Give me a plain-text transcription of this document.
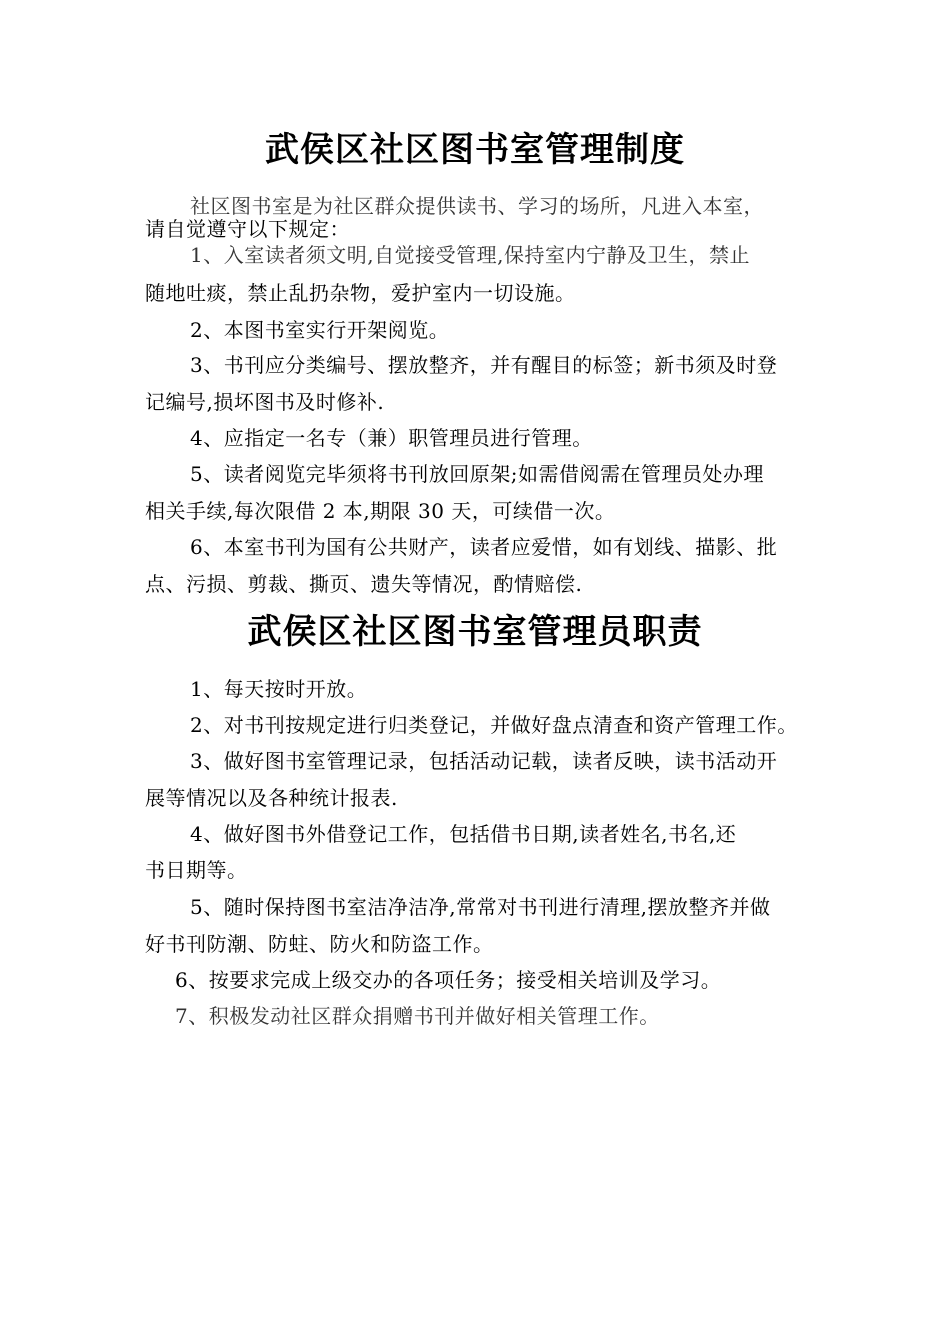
武侯区社区图书室管理制度
社区图书室是为社区群众提供读书、学习的场所，凡进入本室，
请自觉遵守以下规定：
1、入室读者须文明,自觉接受管理,保持室内宁静及卫生，禁止
随地吐痰，禁止乱扔杂物，爱护室内一切设施。
2、本图书室实行开架阅览。
3、书刊应分类编号、摆放整齐，并有醒目的标签；新书须及时登
记编号,损坏图书及时修补.
4、应指定一名专（兼）职管理员进行管理。
5、读者阅览完毕须将书刊放回原架;如需借阅需在管理员处办理
相关手续,每次限借 2 本,期限 30 天，可续借一次。
6、本室书刊为国有公共财产，读者应爱惜，如有划线、描影、批
点、污损、剪裁、撕页、遗失等情况，酌情赔偿.
武侯区社区图书室管理员职责
1、每天按时开放。
2、对书刊按规定进行归类登记，并做好盘点清查和资产管理工作。
3、做好图书室管理记录，包括活动记载，读者反映，读书活动开
展等情况以及各种统计报表.
4、做好图书外借登记工作，包括借书日期,读者姓名,书名,还
书日期等。
5、随时保持图书室洁净洁净,常常对书刊进行清理,摆放整齐并做
好书刊防潮、防蛀、防火和防盗工作。
6、按要求完成上级交办的各项任务；接受相关培训及学习。
7、积极发动社区群众捐赠书刊并做好相关管理工作。
